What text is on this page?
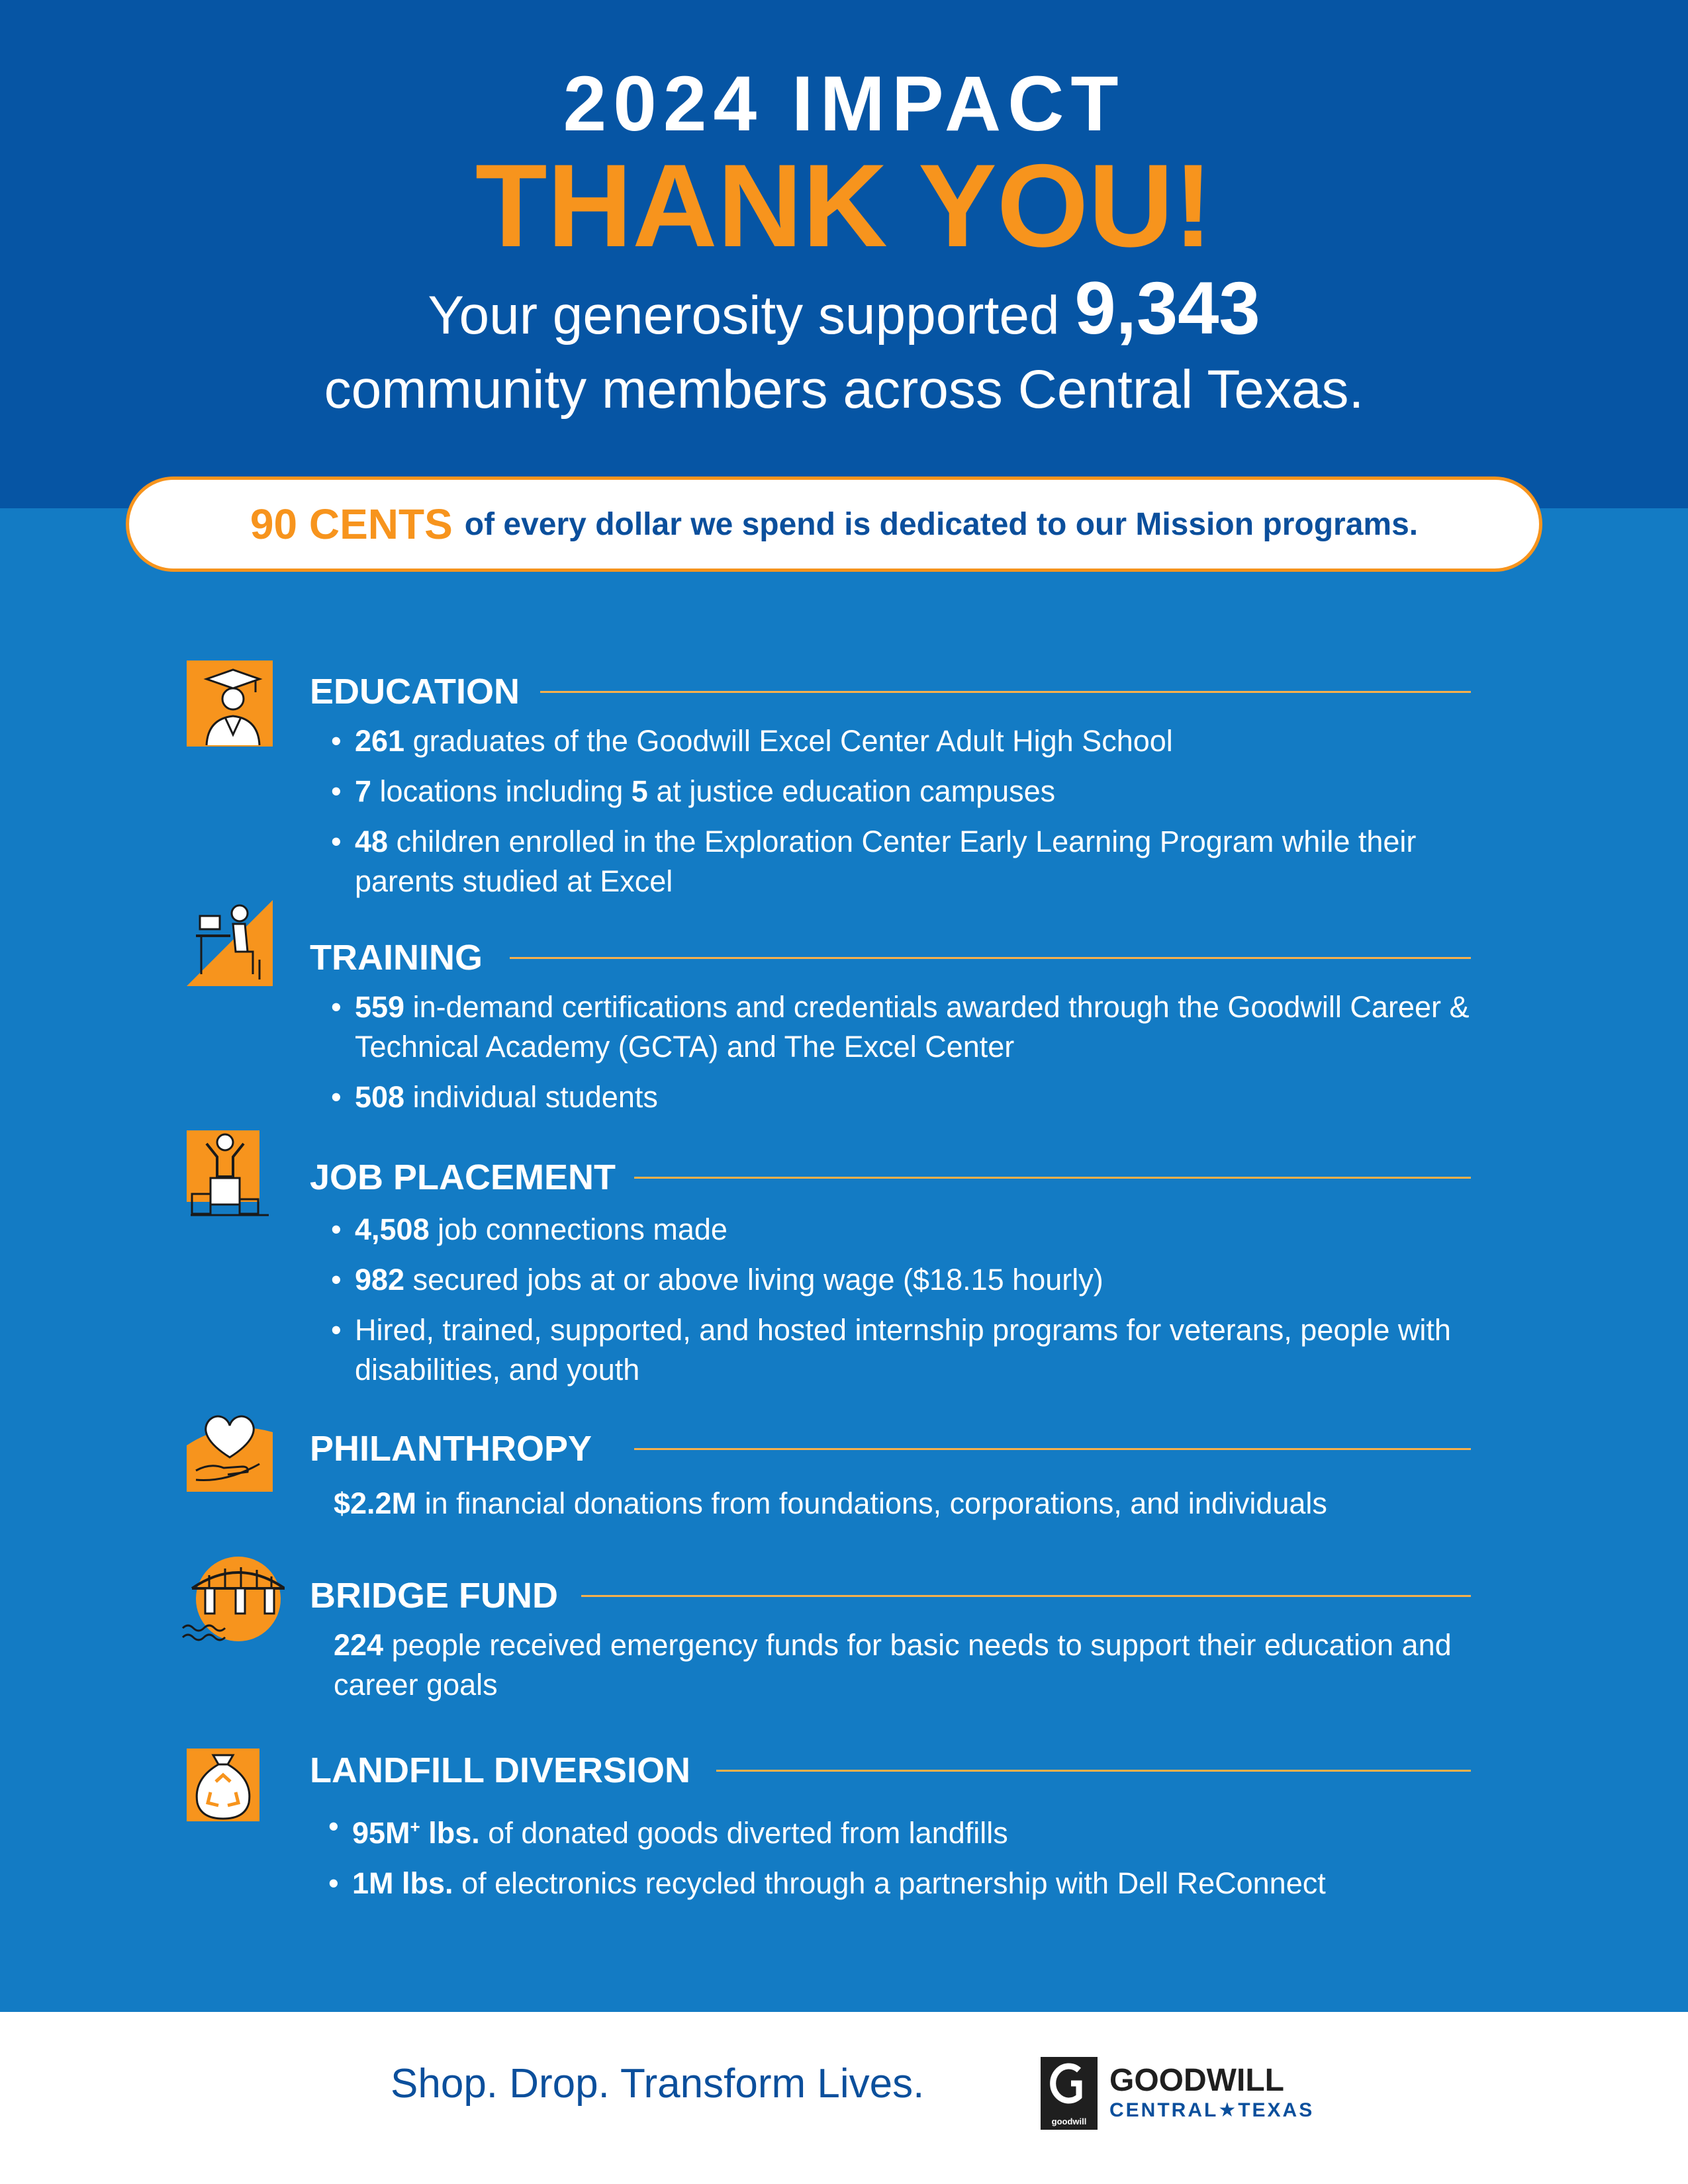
2024 IMPACT
THANK YOU!
Your generosity supported 9,343
community members across Central Texas.
90 CENTS of every dollar we spend is dedicated to our Mission programs.
EDUCATION
• 261 graduates of the Goodwill Excel Center Adult High School
• 7 locations including 5 at justice education campuses
• 48 children enrolled in the Exploration Center Early Learning Program while their parents studied at Excel
TRAINING
• 559 in-demand certifications and credentials awarded through the Goodwill Career & Technical Academy (GCTA) and The Excel Center
• 508 individual students
JOB PLACEMENT
• 4,508 job connections made
• 982 secured jobs at or above living wage ($18.15 hourly)
• Hired, trained, supported, and hosted internship programs for veterans, people with disabilities, and youth
PHILANTHROPY
$2.2M in financial donations from foundations, corporations, and individuals
BRIDGE FUND
224 people received emergency funds for basic needs to support their education and career goals
LANDFILL DIVERSION
• 95M+ lbs. of donated goods diverted from landfills
• 1M lbs. of electronics recycled through a partnership with Dell ReConnect
Shop. Drop. Transform Lives.
goodwill
GOODWILL
CENTRAL★TEXAS
